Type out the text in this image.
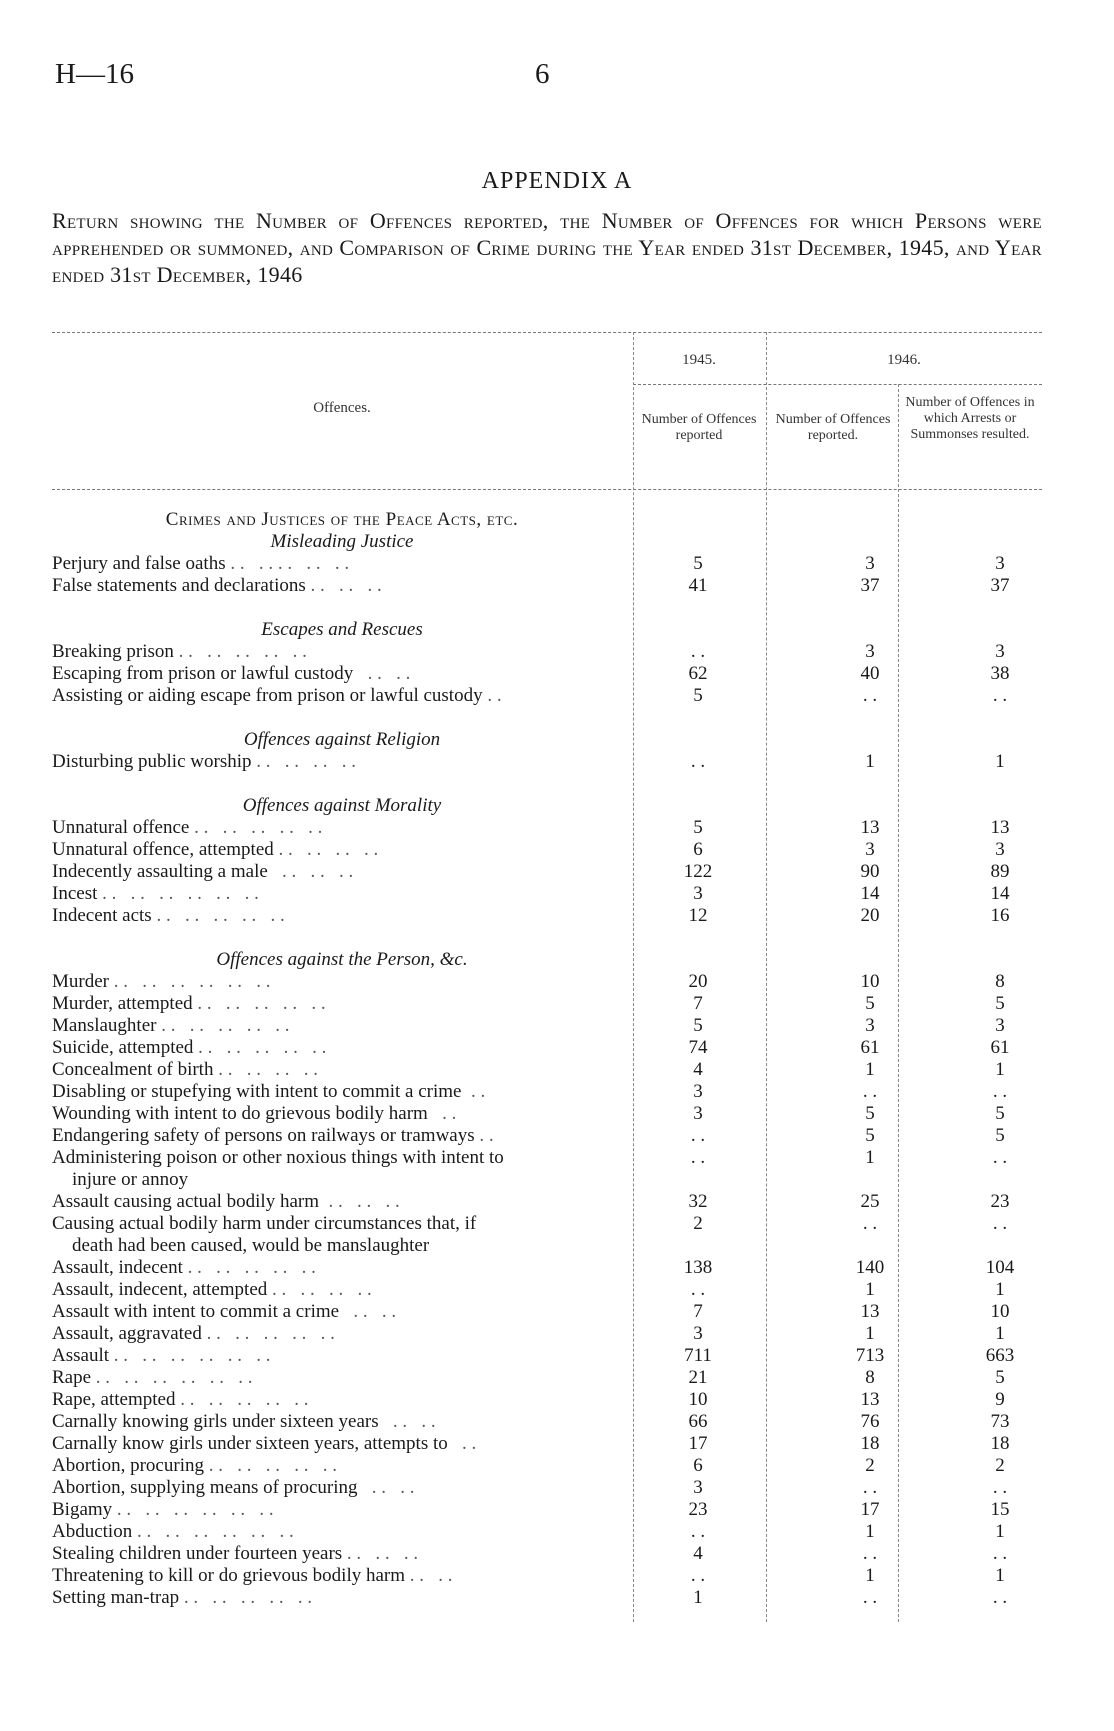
H—16	6
APPENDIX A
Return showing the Number of Offences reported, the Number of Offences for which Persons were apprehended or summoned, and Comparison of Crime during the Year ended 31st December, 1945, and Year ended 31st December, 1946
Offences.
1945.	1946.
Number of Offences reported
Number of Offences reported.
Number of Offences in which Arrests or Summonses resulted.
Crimes and Justices of the Peace Acts, etc.
Misleading Justice
Perjury and false oaths . .   . . . .   . .   . .	5	3	3
False statements and declarations . .   . .   . .	41	37	37
Escapes and Rescues
Breaking prison . .   . .   . .   . .   . .	. .	3	3
Escaping from prison or lawful custody   . .   . .	62	40	38
Assisting or aiding escape from prison or lawful custody . .	5	. .	. .
Offences against Religion
Disturbing public worship . .   . .   . .   . .	. .	1	1
Offences against Morality
Unnatural offence . .   . .   . .   . .   . .	5	13	13
Unnatural offence, attempted . .   . .   . .   . .	6	3	3
Indecently assaulting a male   . .   . .   . .	122	90	89
Incest . .   . .   . .   . .   . .   . .	3	14	14
Indecent acts . .   . .   . .   . .   . .	12	20	16
Offences against the Person, &c.
Murder . .   . .   . .   . .   . .   . .	20	10	8
Murder, attempted . .   . .   . .   . .   . .	7	5	5
Manslaughter . .   . .   . .   . .   . .	5	3	3
Suicide, attempted . .   . .   . .   . .   . .	74	61	61
Concealment of birth . .   . .   . .   . .	4	1	1
Disabling or stupefying with intent to commit a crime  . .	3	. .	. .
Wounding with intent to do grievous bodily harm   . .	3	5	5
Endangering safety of persons on railways or tramways . .	. .	5	5
Administering poison or other noxious things with intent to	. .	1	. .
injure or annoy
Assault causing actual bodily harm  . .   . .   . .	32	25	23
Causing actual bodily harm under circumstances that, if	2	. .	. .
death had been caused, would be manslaughter
Assault, indecent . .   . .   . .   . .   . .	138	140	104
Assault, indecent, attempted . .   . .   . .   . .	. .	1	1
Assault with intent to commit a crime   . .   . .	7	13	10
Assault, aggravated . .   . .   . .   . .   . .	3	1	1
Assault . .   . .   . .   . .   . .   . .	711	713	663
Rape . .   . .   . .   . .   . .   . .	21	8	5
Rape, attempted . .   . .   . .   . .   . .	10	13	9
Carnally knowing girls under sixteen years   . .   . .	66	76	73
Carnally know girls under sixteen years, attempts to   . .	17	18	18
Abortion, procuring . .   . .   . .   . .   . .	6	2	2
Abortion, supplying means of procuring   . .   . .	3	. .	. .
Bigamy . .   . .   . .   . .   . .   . .	23	17	15
Abduction . .   . .   . .   . .   . .   . .	. .	1	1
Stealing children under fourteen years . .   . .   . .	4	. .	. .
Threatening to kill or do grievous bodily harm . .   . .	. .	1	1
Setting man-trap . .   . .   . .   . .   . .	1	. .	. .
